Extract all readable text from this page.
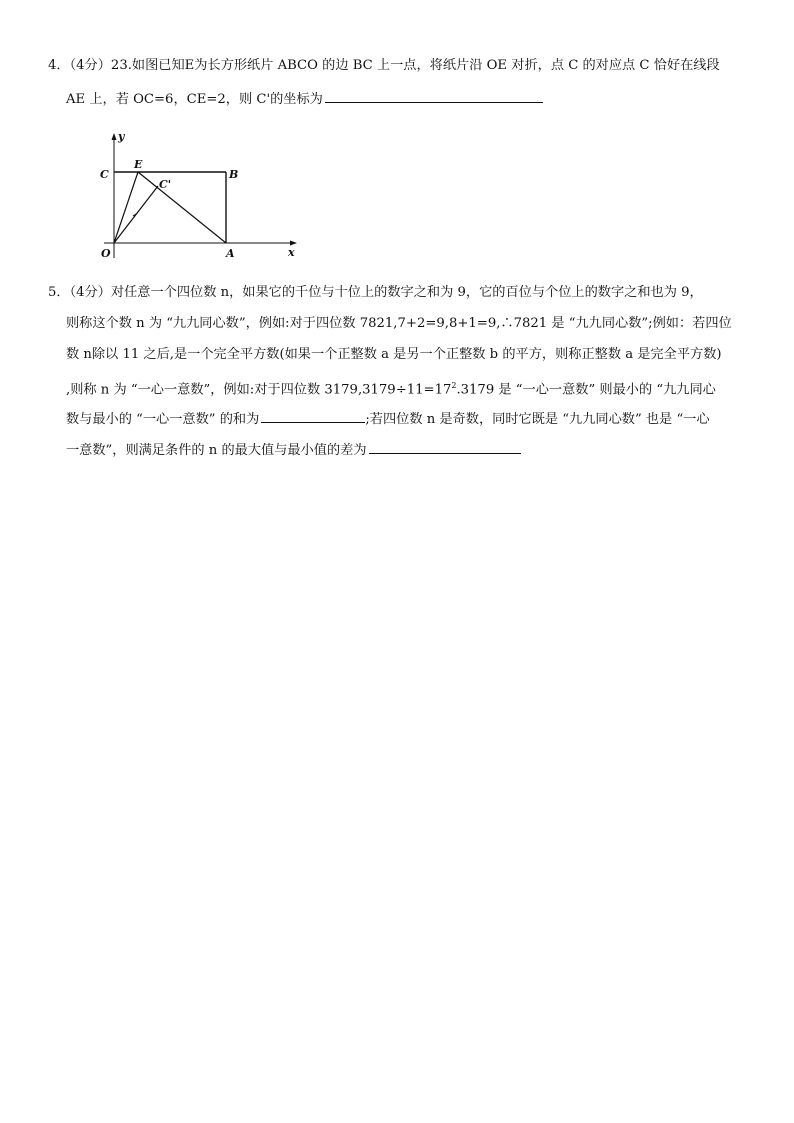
4．（4分）23.如图已知E为长方形纸片 ABCO 的边 BC 上一点，将纸片沿 OE 对折，点 C 的对应点 C 恰好在线段
AE 上，若 OC=6，CE=2，则 C'的坐标为
y
x
C
E
B
C'
O	A
5．（4分）对任意一个四位数 n，如果它的千位与十位上的数字之和为 9，它的百位与个位上的数字之和也为 9，
则称这个数 n 为 “九九同心数”，例如:对于四位数 7821,7+2=9,8+1=9,∴7821 是 “九九同心数”;例如：若四位
数 n除以 11 之后,是一个完全平方数(如果一个正整数 a 是另一个正整数 b 的平方，则称正整数 a 是完全平方数)
,则称 n 为 “一心一意数”，例如:对于四位数 $3179,3179\div 11=17^2.3179$ 是 “一心一意数” 则最小的 “九九同心
数与最小的 “一心一意数” 的和为	;若四位数 n 是奇数，同时它既是 “九九同心数” 也是 “一心
一意数”，则满足条件的 n 的最大值与最小值的差为
